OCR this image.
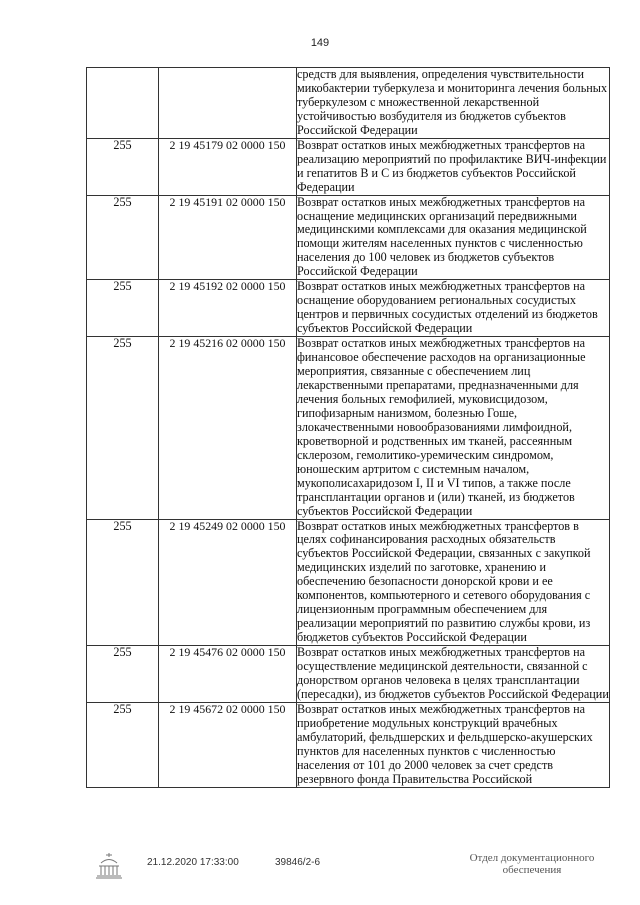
149
		средств для выявления, определения чувствительности микобактерии туберкулеза и мониторинга лечения больных туберкулезом с множественной лекарственной устойчивостью возбудителя из бюджетов субъектов Российской Федерации
255	2 19 45179 02 0000 150	Возврат остатков иных межбюджетных трансфертов на реализацию мероприятий по профилактике ВИЧ-инфекции и гепатитов В и С из бюджетов субъектов Российской Федерации
255	2 19 45191 02 0000 150	Возврат остатков иных межбюджетных трансфертов на оснащение медицинских организаций передвижными медицинскими комплексами для оказания медицинской помощи жителям населенных пунктов с численностью населения до 100 человек из бюджетов субъектов Российской Федерации
255	2 19 45192 02 0000 150	Возврат остатков иных межбюджетных трансфертов на оснащение оборудованием региональных сосудистых центров и первичных сосудистых отделений из бюджетов субъектов Российской Федерации
255	2 19 45216 02 0000 150	Возврат остатков иных межбюджетных трансфертов на финансовое обеспечение расходов на организационные мероприятия, связанные с обеспечением лиц лекарственными препаратами, предназначенными для лечения больных гемофилией, муковисцидозом, гипофизарным нанизмом, болезнью Гоше, злокачественными новообразованиями лимфоидной, кроветворной и родственных им тканей, рассеянным склерозом, гемолитико-уремическим синдромом, юношеским артритом с системным началом, мукополисахаридозом I, II и VI типов, а также после трансплантации органов и (или) тканей, из бюджетов субъектов Российской Федерации
255	2 19 45249 02 0000 150	Возврат остатков иных межбюджетных трансфертов в целях софинансирования расходных обязательств субъектов Российской Федерации, связанных с закупкой медицинских изделий по заготовке, хранению и обеспечению безопасности донорской крови и ее компонентов, компьютерного и сетевого оборудования с лицензионным программным обеспечением для реализации мероприятий по развитию службы крови, из бюджетов субъектов Российской Федерации
255	2 19 45476 02 0000 150	Возврат остатков иных межбюджетных трансфертов на осуществление медицинской деятельности, связанной с донорством органов человека в целях трансплантации (пересадки), из бюджетов субъектов Российской Федерации
255	2 19 45672 02 0000 150	Возврат остатков иных межбюджетных трансфертов на приобретение модульных конструкций врачебных амбулаторий, фельдшерских и фельдшерско-акушерских пунктов для населенных пунктов с численностью населения от 101 до 2000 человек за счет средств резервного фонда Правительства Российской
21.12.2020 17:33:00	39846/2-6	Отдел документационного обеспечения
